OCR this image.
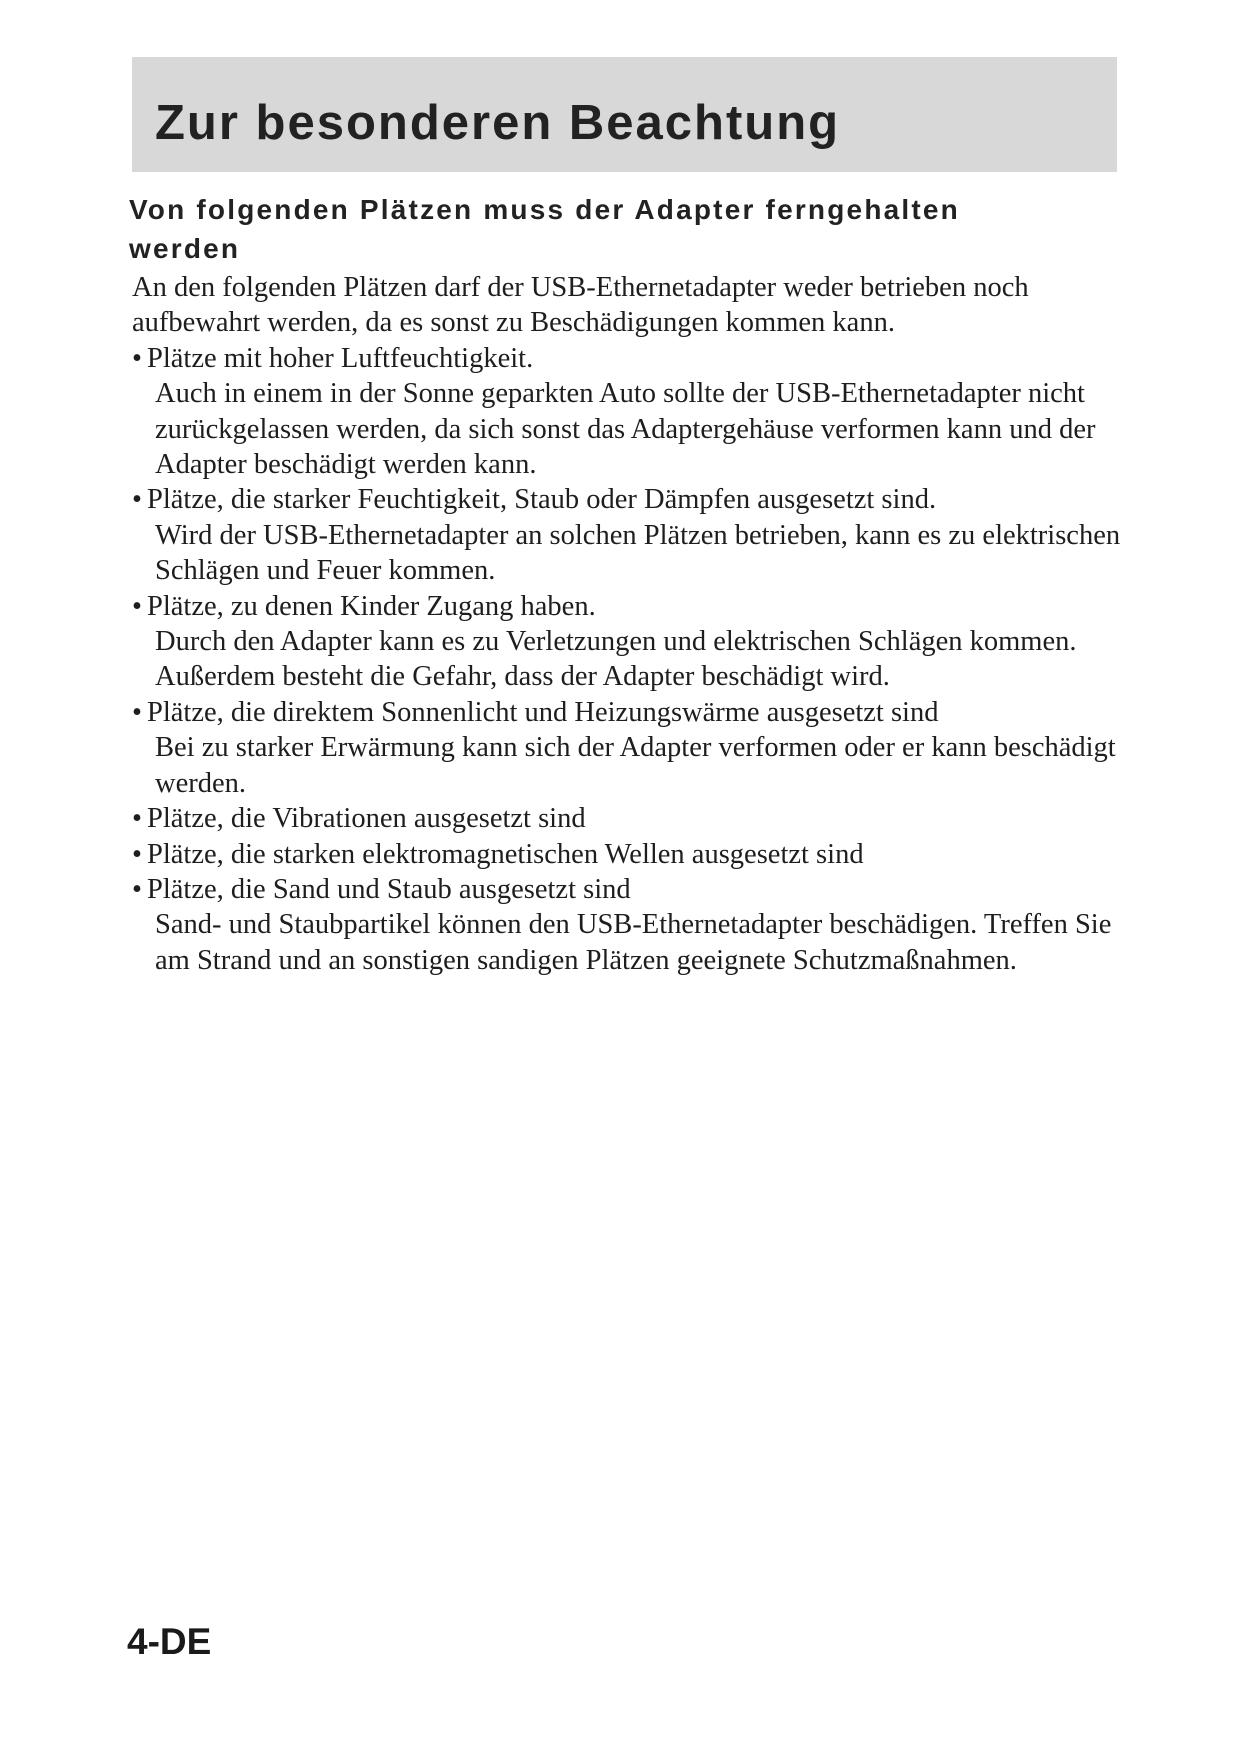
Zur besonderen Beachtung
Von folgenden Plätzen muss der Adapter ferngehalten werden

An den folgenden Plätzen darf der USB-Ethernetadapter weder betrieben noch aufbewahrt werden, da es sonst zu Beschädigungen kommen kann.

• Plätze mit hoher Luftfeuchtigkeit.
Auch in einem in der Sonne geparkten Auto sollte der USB-Ethernetadapter nicht zurückgelassen werden, da sich sonst das Adaptergehäuse verformen kann und der Adapter beschädigt werden kann.
• Plätze, die starker Feuchtigkeit, Staub oder Dämpfen ausgesetzt sind.
Wird der USB-Ethernetadapter an solchen Plätzen betrieben, kann es zu elektrischen Schlägen und Feuer kommen.
• Plätze, zu denen Kinder Zugang haben.
Durch den Adapter kann es zu Verletzungen und elektrischen Schlägen kommen. Außerdem besteht die Gefahr, dass der Adapter beschädigt wird.
• Plätze, die direktem Sonnenlicht und Heizungswärme ausgesetzt sind
Bei zu starker Erwärmung kann sich der Adapter verformen oder er kann beschädigt werden.
• Plätze, die Vibrationen ausgesetzt sind
• Plätze, die starken elektromagnetischen Wellen ausgesetzt sind
• Plätze, die Sand und Staub ausgesetzt sind
Sand- und Staubpartikel können den USB-Ethernetadapter beschädigen. Treffen Sie am Strand und an sonstigen sandigen Plätzen geeignete Schutzmaßnahmen.

4-DE
